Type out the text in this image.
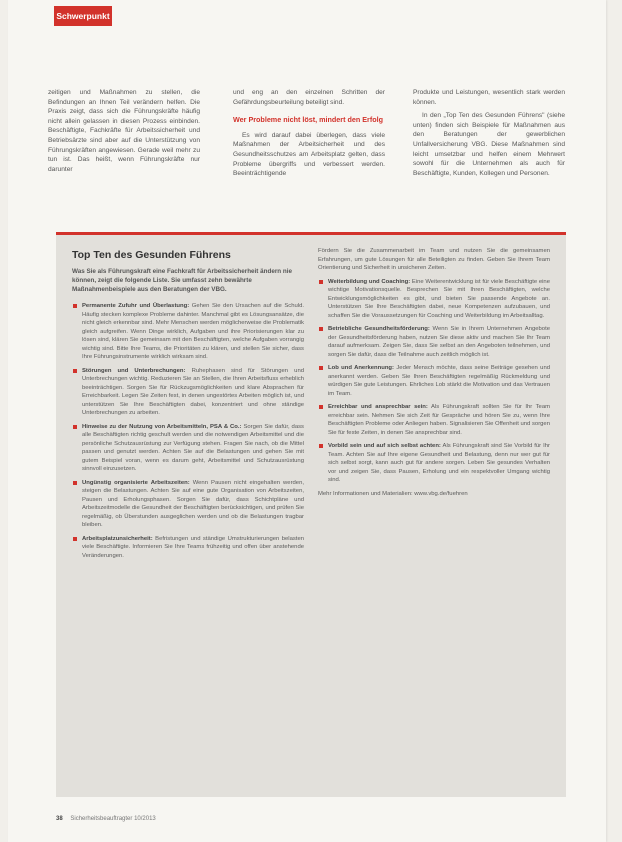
Schwerpunkt

zeitigen und Maßnahmen zu stellen, die Befindungen an Ihnen Teil verändern helfen. Die Praxis zeigt, dass sich die Führungskräfte häufig nicht allein gelassen in diesen Prozess einbinden. Beschäftigte, Fachkräfte für Arbeitssicherheit und Betriebsärzte sind aber auf die Unterstützung von Führungskräften angewiesen. Gerade weil mehr zu tun ist. Das heißt, wenn Führungskräfte nur darunter

und eng an den einzelnen Schritten der Gefährdungsbeurteilung beteiligt sind.

Wer Probleme nicht löst, mindert den Erfolg

Es wird darauf dabei überlegen, dass viele Maßnahmen der Arbeitsicherheit und des Gesundheitsschutzes am Arbeitsplatz gelten, dass Probleme übergriffs und verbessert werden. Beeinträchtigende

Produkte und Leistungen, wesentlich stark werden können.

In den „Top Ten des Gesunden Führens" (siehe unten) finden sich Beispiele für Maßnahmen aus den Beratungen der gewerblichen Unfallversicherung VBG. Diese Maßnahmen sind leicht umsetzbar und helfen einem Mehrwert sowohl für die Unternehmen als auch für Beschäftigte, Kunden, Kollegen und Personen.

Top Ten des Gesunden Führens
Was Sie als Führungskraft eine Fachkraft für Arbeitssicherheit ändern nie können, zeigt die folgende Liste. Sie umfasst zehn bewährte Maßnahmenbeispiele aus den Beratungen der VBG.
Permanente Zufuhr und Überlastung: Gehen Sie den Ursachen auf die Schuld. Häufig stecken komplexe Probleme dahinter. Manchmal gibt es Lösungsansätze, die nicht gleich erkennbar sind. Mehr Menschen werden möglicherweise die Problematik gleich aufgreifen. Wenn Dinge wirklich, Aufgaben und ihre Priorisierungen klar zu lösen sind, klären Sie gemeinsam mit den Beschäftigten, welche Aufgaben vorrangig wichtig sind. Bitte Ihre Teams, die Prioritäten zu klären, und stellen Sie sicher, dass Ihre Führungsinstrumente wirklich wirksam sind.
Störungen und Unterbrechungen: Ruhephasen sind für Störungen und Unterbrechungen wichtig. Reduzieren Sie an Stellen, die Ihren Arbeitsfluss erheblich beeinträchtigen. Sorgen Sie für Rückzugsmöglichkeiten und klare Absprachen für Erreichbarkeit. Legen Sie Zeiten fest, in denen ungestörtes Arbeiten möglich ist, und unterstützen Sie Ihre Beschäftigten dabei, konzentriert und ohne ständige Unterbrechungen zu arbeiten.
Hinweise zu der Nutzung von Arbeitsmitteln, PSA & Co.: Sorgen Sie dafür, dass alle Beschäftigten richtig geschult werden und die notwendigen Arbeitsmittel und die persönliche Schutzausrüstung zur Verfügung stehen. Fragen Sie nach, ob die Mittel passen und genutzt werden. Achten Sie auf die Belastungen und gehen Sie mit gutem Beispiel voran, wenn es darum geht, Arbeitsmittel und Schutzausrüstung sinnvoll einzusetzen.
Ungünstig organisierte Arbeitszeiten: Wenn Pausen nicht eingehalten werden, steigen die Belastungen. Achten Sie auf eine gute Organisation von Arbeitszeiten, Pausen und Erholungsphasen. Sorgen Sie dafür, dass Schichtpläne und Arbeitszeitmodelle die Gesundheit der Beschäftigten berücksichtigen, und prüfen Sie regelmäßig, ob Überstunden ausgeglichen werden und ob die Belastungen tragbar bleiben.
Arbeitsplatzunsicherheit: Befristungen und ständige Umstrukturierungen belasten viele Beschäftigte. Informieren Sie Ihre Teams frühzeitig und offen über anstehende Veränderungen.
Fördern Sie die Zusammenarbeit im Team und nutzen Sie die gemeinsamen Erfahrungen, um gute Lösungen für alle Beteiligten zu finden. Geben Sie Ihrem Team Orientierung und Sicherheit in unsicheren Zeiten.
Weiterbildung und Coaching: Eine Weiterentwicklung ist für viele Beschäftigte eine wichtige Motivationsquelle. Besprechen Sie mit Ihren Beschäftigten, welche Entwicklungsmöglichkeiten es gibt, und bieten Sie passende Angebote an. Unterstützen Sie Ihre Beschäftigten dabei, neue Kompetenzen aufzubauen, und schaffen Sie die Voraussetzungen für Coaching und Weiterbildung im Arbeitsalltag.
Betriebliche Gesundheitsförderung: Wenn Sie in Ihrem Unternehmen Angebote der Gesundheitsförderung haben, nutzen Sie diese aktiv und machen Sie Ihr Team darauf aufmerksam. Zeigen Sie, dass Sie selbst an den Angeboten teilnehmen, und sorgen Sie dafür, dass die Teilnahme auch zeitlich möglich ist.
Lob und Anerkennung: Jeder Mensch möchte, dass seine Beiträge gesehen und anerkannt werden. Geben Sie Ihren Beschäftigten regelmäßig Rückmeldung und würdigen Sie gute Leistungen. Ehrliches Lob stärkt die Motivation und das Vertrauen im Team.
Erreichbar und ansprechbar sein: Als Führungskraft sollten Sie für Ihr Team erreichbar sein. Nehmen Sie sich Zeit für Gespräche und hören Sie zu, wenn Ihre Beschäftigten Probleme oder Anliegen haben. Signalisieren Sie Offenheit und sorgen Sie für feste Zeiten, in denen Sie ansprechbar sind.
Vorbild sein und auf sich selbst achten: Als Führungskraft sind Sie Vorbild für Ihr Team. Achten Sie auf Ihre eigene Gesundheit und Belastung, denn nur wer gut für sich selbst sorgt, kann auch gut für andere sorgen. Leben Sie gesundes Verhalten vor und zeigen Sie, dass Pausen, Erholung und ein respektvoller Umgang wichtig sind.
Mehr Informationen und Materialien: www.vbg.de/fuehren
38 Sicherheitsbeauftragter 10/2013
